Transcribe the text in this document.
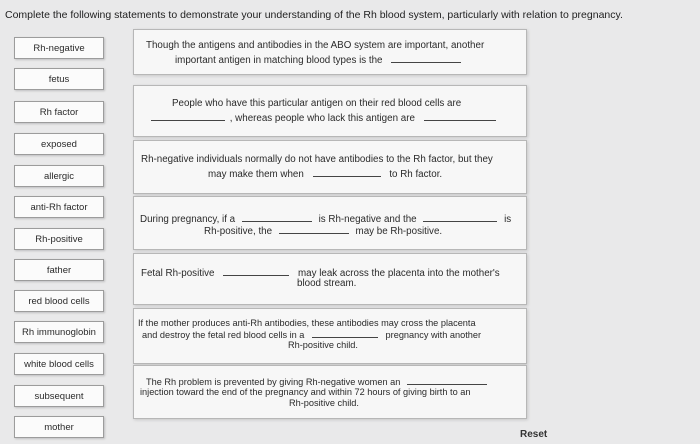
Complete the following statements to demonstrate your understanding of the Rh blood system, particularly with relation to pregnancy.
Rh-negative
fetus
Rh factor
exposed
allergic
anti-Rh factor
Rh-positive
father
red blood cells
Rh immunoglobin
white blood cells
subsequent
mother
Though the antigens and antibodies in the ABO system are important, another
important antigen in matching blood types is the
People who have this particular antigen on their red blood cells are
, whereas people who lack this antigen are
Rh-negative individuals normally do not have antibodies to the Rh factor, but they
may make them when	to Rh factor.
During pregnancy, if a	is Rh-negative and the	is
Rh-positive, the	may be Rh-positive.
Fetal Rh-positive	may leak across the placenta into the mother's
blood stream.
If the mother produces anti-Rh antibodies, these antibodies may cross the placenta
and destroy the fetal red blood cells in a	pregnancy with another
Rh-positive child.
The Rh problem is prevented by giving Rh-negative women an
injection toward the end of the pregnancy and within 72 hours of giving birth to an
Rh-positive child.
Reset
